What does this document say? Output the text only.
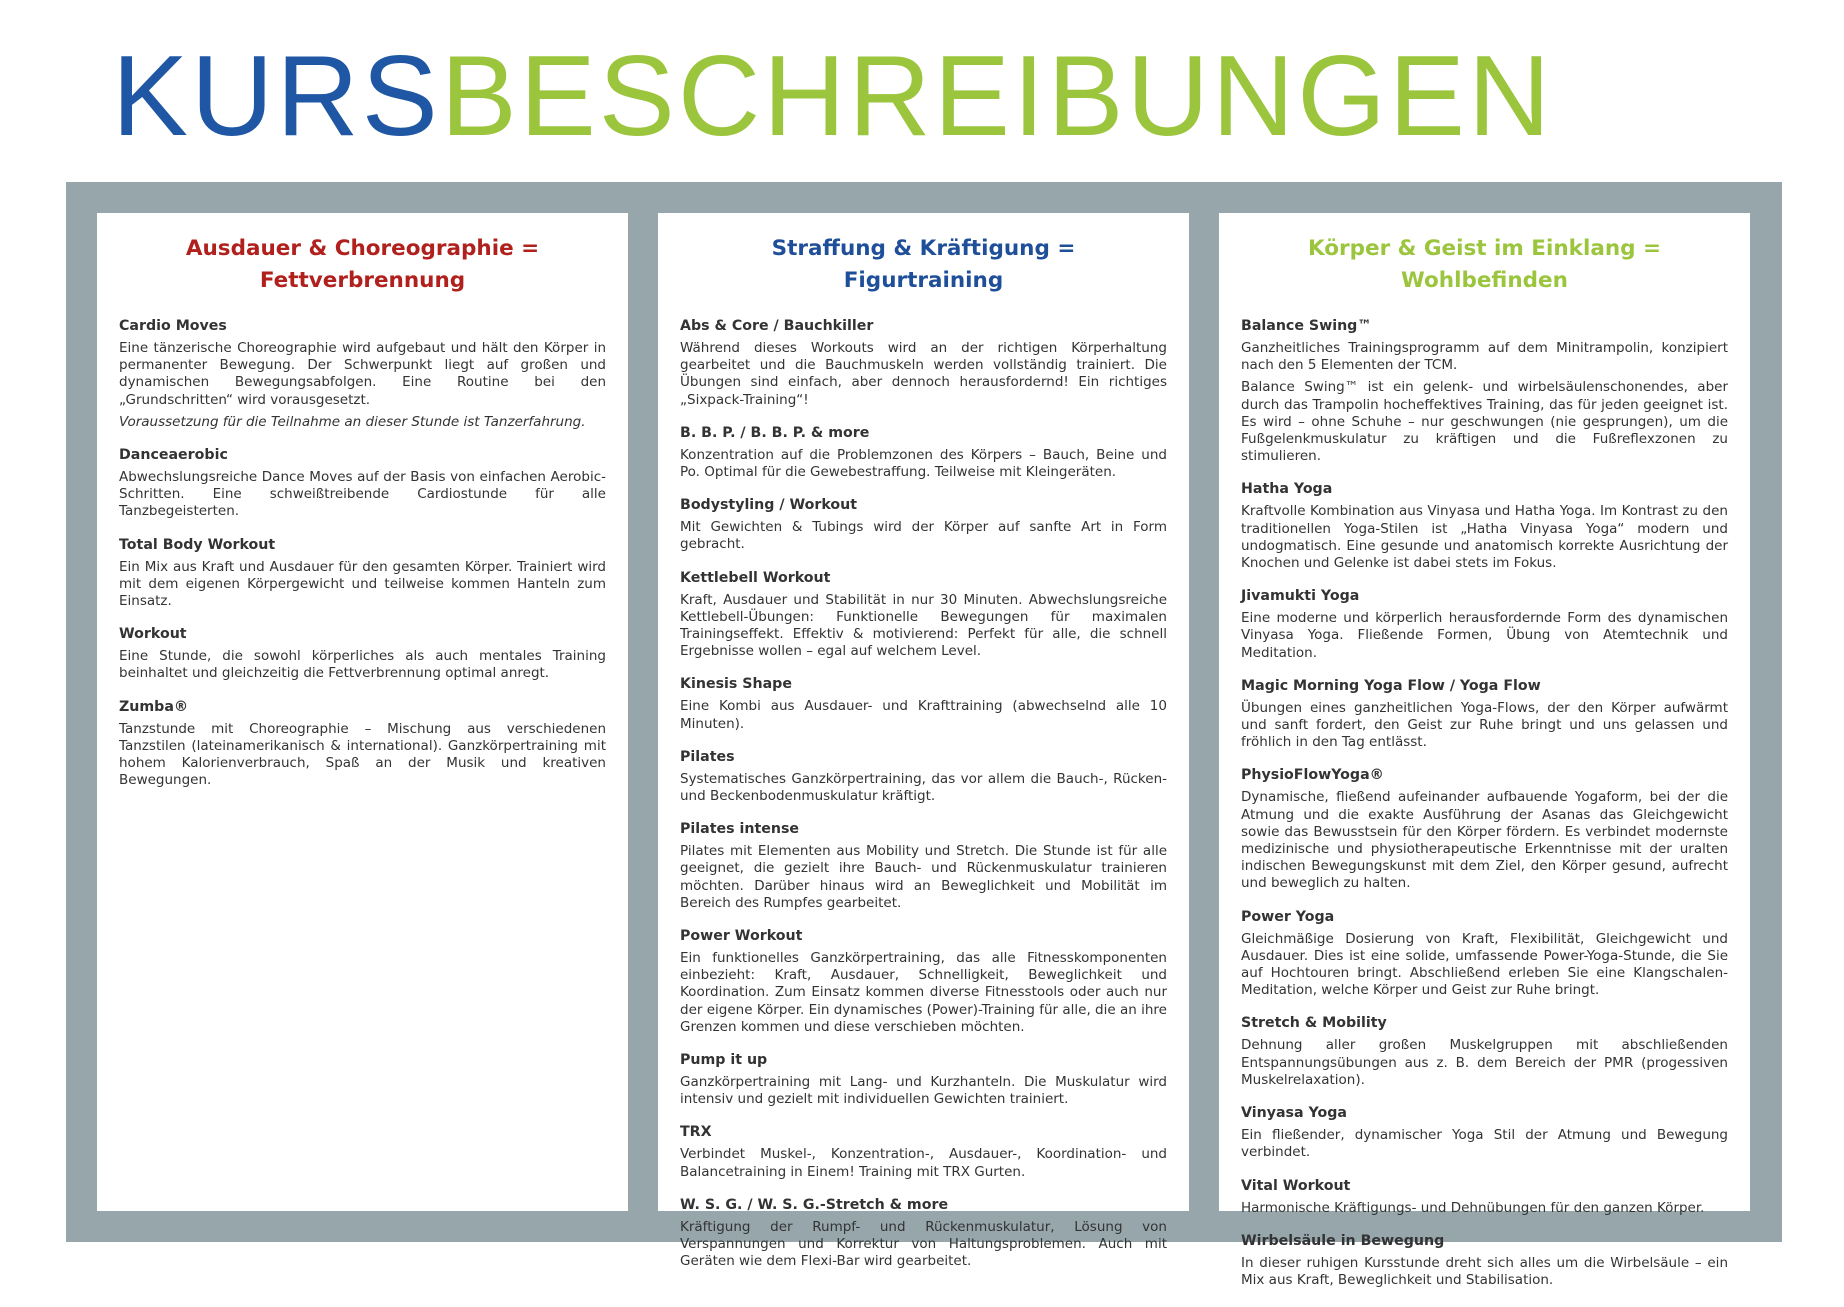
KURSBESCHREIBUNGEN
Ausdauer & Choreographie =
Fettverbrennung
Cardio Moves
Eine tänzerische Choreographie wird aufgebaut und hält den Körper in permanenter Bewegung. Der Schwerpunkt liegt auf großen und dynamischen Bewegungsabfolgen. Eine Routine bei den „Grundschritten“ wird vorausgesetzt.
Voraussetzung für die Teilnahme an dieser Stunde ist Tanzerfahrung.
Danceaerobic
Abwechslungsreiche Dance Moves auf der Basis von einfachen Aerobic-Schritten. Eine schweißtreibende Cardiostunde für alle Tanzbegeisterten.
Total Body Workout
Ein Mix aus Kraft und Ausdauer für den gesamten Körper. Trainiert wird mit dem eigenen Körpergewicht und teilweise kommen Hanteln zum Einsatz.
Workout
Eine Stunde, die sowohl körperliches als auch mentales Training beinhaltet und gleichzeitig die Fettverbrennung optimal anregt.
Zumba®
Tanzstunde mit Choreographie – Mischung aus verschiedenen Tanzstilen (lateinamerikanisch & international). Ganzkörpertraining mit hohem Kalorienverbrauch, Spaß an der Musik und kreativen Bewegungen.
Straffung & Kräftigung =
Figurtraining
Abs & Core / Bauchkiller
Während dieses Workouts wird an der richtigen Körperhaltung gearbeitet und die Bauchmuskeln werden vollständig trainiert. Die Übungen sind einfach, aber dennoch herausfordernd! Ein richtiges „Sixpack-Training“!
B. B. P. / B. B. P. & more
Konzentration auf die Problemzonen des Körpers – Bauch, Beine und Po. Optimal für die Gewebestraffung. Teilweise mit Kleingeräten.
Bodystyling / Workout
Mit Gewichten & Tubings wird der Körper auf sanfte Art in Form gebracht.
Kettlebell Workout
Kraft, Ausdauer und Stabilität in nur 30 Minuten. Abwechslungsreiche Kettlebell-Übungen: Funktionelle Bewegungen für maximalen Trainingseffekt. Effektiv & motivierend: Perfekt für alle, die schnell Ergebnisse wollen – egal auf welchem Level.
Kinesis Shape
Eine Kombi aus Ausdauer- und Krafttraining (abwechselnd alle 10 Minuten).
Pilates
Systematisches Ganzkörpertraining, das vor allem die Bauch-, Rücken- und Beckenbodenmuskulatur kräftigt.
Pilates intense
Pilates mit Elementen aus Mobility und Stretch. Die Stunde ist für alle geeignet, die gezielt ihre Bauch- und Rückenmuskulatur trainieren möchten. Darüber hinaus wird an Beweglichkeit und Mobilität im Bereich des Rumpfes gearbeitet.
Power Workout
Ein funktionelles Ganzkörpertraining, das alle Fitnesskomponenten einbezieht: Kraft, Ausdauer, Schnelligkeit, Beweglichkeit und Koordination. Zum Einsatz kommen diverse Fitnesstools oder auch nur der eigene Körper. Ein dynamisches (Power)-Training für alle, die an ihre Grenzen kommen und diese verschieben möchten.
Pump it up
Ganzkörpertraining mit Lang- und Kurzhanteln. Die Muskulatur wird intensiv und gezielt mit individuellen Gewichten trainiert.
TRX
Verbindet Muskel-, Konzentration-, Ausdauer-, Koordination- und Balancetraining in Einem! Training mit TRX Gurten.
W. S. G. / W. S. G.-Stretch & more
Kräftigung der Rumpf- und Rückenmuskulatur, Lösung von Verspannungen und Korrektur von Haltungsproblemen. Auch mit Geräten wie dem Flexi-Bar wird gearbeitet.
Körper & Geist im Einklang =
Wohlbefinden
Balance Swing™
Ganzheitliches Trainingsprogramm auf dem Minitrampolin, konzipiert nach den 5 Elementen der TCM.
Balance Swing™ ist ein gelenk- und wirbelsäulenschonendes, aber durch das Trampolin hocheffektives Training, das für jeden geeignet ist. Es wird – ohne Schuhe – nur geschwungen (nie gesprungen), um die Fußgelenkmuskulatur zu kräftigen und die Fußreflexzonen zu stimulieren.
Hatha Yoga
Kraftvolle Kombination aus Vinyasa und Hatha Yoga. Im Kontrast zu den traditionellen Yoga-Stilen ist „Hatha Vinyasa Yoga“ modern und undogmatisch. Eine gesunde und anatomisch korrekte Ausrichtung der Knochen und Gelenke ist dabei stets im Fokus.
Jivamukti Yoga
Eine moderne und körperlich herausfordernde Form des dynamischen Vinyasa Yoga. Fließende Formen, Übung von Atemtechnik und Meditation.
Magic Morning Yoga Flow / Yoga Flow
Übungen eines ganzheitlichen Yoga-Flows, der den Körper aufwärmt und sanft fordert, den Geist zur Ruhe bringt und uns gelassen und fröhlich in den Tag entlässt.
PhysioFlowYoga®
Dynamische, fließend aufeinander aufbauende Yogaform, bei der die Atmung und die exakte Ausführung der Asanas das Gleichgewicht sowie das Bewusstsein für den Körper fördern. Es verbindet modernste medizinische und physiotherapeutische Erkenntnisse mit der uralten indischen Bewegungskunst mit dem Ziel, den Körper gesund, aufrecht und beweglich zu halten.
Power Yoga
Gleichmäßige Dosierung von Kraft, Flexibilität, Gleichgewicht und Ausdauer. Dies ist eine solide, umfassende Power-Yoga-Stunde, die Sie auf Hochtouren bringt. Abschließend erleben Sie eine Klangschalen-Meditation, welche Körper und Geist zur Ruhe bringt.
Stretch & Mobility
Dehnung aller großen Muskelgruppen mit abschließenden Entspannungsübungen aus z. B. dem Bereich der PMR (progessiven Muskelrelaxation).
Vinyasa Yoga
Ein fließender, dynamischer Yoga Stil der Atmung und Bewegung verbindet.
Vital Workout
Harmonische Kräftigungs- und Dehnübungen für den ganzen Körper.
Wirbelsäule in Bewegung
In dieser ruhigen Kursstunde dreht sich alles um die Wirbelsäule – ein Mix aus Kraft, Beweglichkeit und Stabilisation.
